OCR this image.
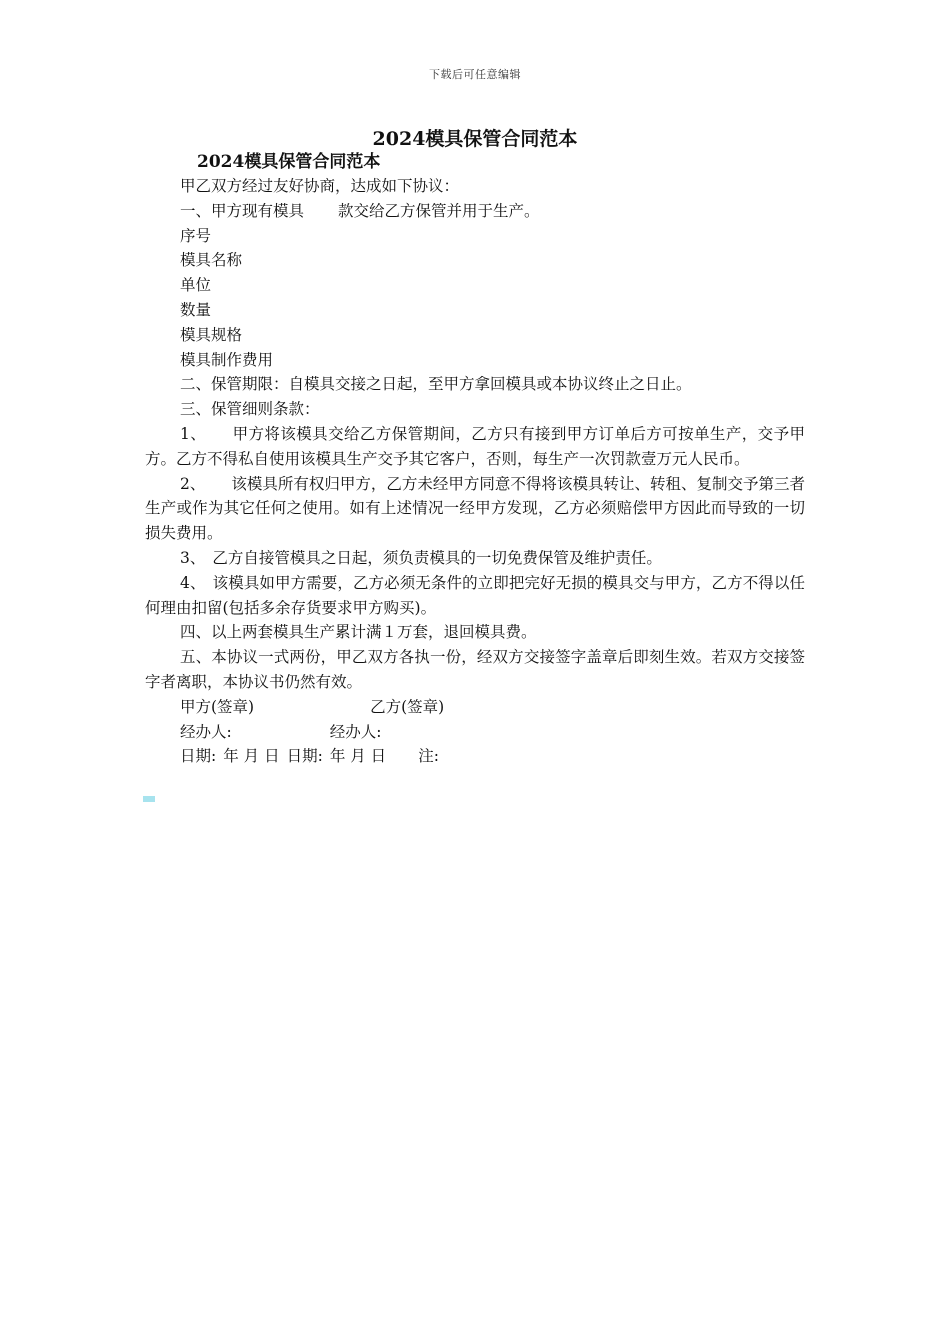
下载后可任意编辑
2024模具保管合同范本
2024模具保管合同范本

甲乙双方经过友好协商，达成如下协议：

一、甲方现有模具 款交给乙方保管并用于生产。

序号

模具名称

单位

数量

模具规格

模具制作费用

二、保管期限：自模具交接之日起，至甲方拿回模具或本协议终止之日止。

三、保管细则条款：

1、 甲方将该模具交给乙方保管期间，乙方只有接到甲方订单后方可按单生产，交予甲方。乙方不得私自使用该模具生产交予其它客户，否则，每生产一次罚款壹万元人民币。

2、 该模具所有权归甲方，乙方未经甲方同意不得将该模具转让、转租、复制交予第三者生产或作为其它任何之使用。如有上述情况一经甲方发现，乙方必须赔偿甲方因此而导致的一切损失费用。

3、 乙方自接管模具之日起，须负责模具的一切免费保管及维护责任。

4、 该模具如甲方需要，乙方必须无条件的立即把完好无损的模具交与甲方，乙方不得以任何理由扣留(包括多余存货要求甲方购买)。

四、以上两套模具生产累计满１万套，退回模具费。

五、本协议一式两份，甲乙双方各执一份，经双方交接签字盖章后即刻生效。若双方交接签字者离职，本协议书仍然有效。

甲方(签章)	乙方(签章)

经办人:	经办人:

日期: 年 月 日 日期: 年 月 日 注:
